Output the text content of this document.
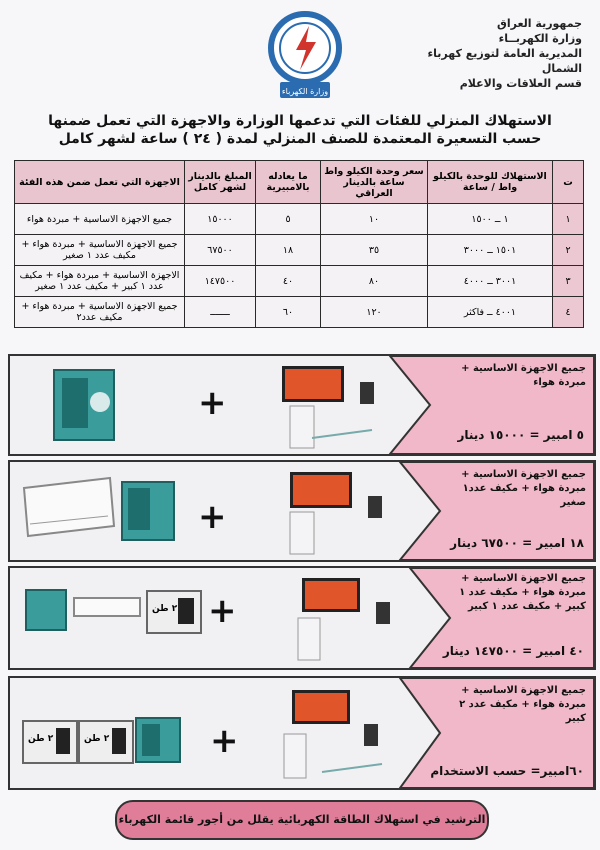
جمهورية العراق
وزارة الكهربــاء
المديرية العامة لتوزيع كهرباء الشمال
قسم العلاقات والاعلام
وزارة الكهرباء
الاستهلاك المنزلي للفئات التي تدعمها الوزارة والاجهزة التي تعمل ضمنها
حسب التسعيرة المعتمدة للصنف المنزلي لمدة ( ٢٤ ) ساعة لشهر كامل
ت	الاستهلاك للوحدة بالكيلو واط / ساعة	سعر وحدة الكيلو واط ساعة بالدينار العراقي	ما يعادله بالامبيرية	المبلغ بالدينار لشهر كامل	الاجهزة التي تعمل ضمن هذه الفئة
١	١ ــ ١٥٠٠	١٠	٥	١٥٠٠٠	جميع الاجهزة الاساسية + مبردة هواء
٢	١٥٠١ ــ ٣٠٠٠	٣٥	١٨	٦٧٥٠٠	جميع الاجهزة الاساسية + مبردة هواء + مكيف عدد ١ صغير
٣	٣٠٠١ ــ ٤٠٠٠	٨٠	٤٠	١٤٧٥٠٠	الاجهزة الاساسية + مبردة هواء + مكيف عدد ١ كبير + مكيف عدد ١ صغير
٤	٤٠٠١ ــ فاكثر	١٢٠	٦٠	ـــــــ	جميع الاجهزة الاساسية + مبردة هواء + مكيف عدد٢
جميع الاجهزة الاساسية + مبردة هواء
٥ امبير = ١٥٠٠٠ دينار
+
جميع الاجهزة الاساسية + مبردة هواء + مكيف عدد١ صغير
١٨ امبير = ٦٧٥٠٠ دينار
+
جميع الاجهزة الاساسية + مبردة هواء + مكيف عدد ١ كبير + مكيف عدد ١ كبير
٤٠ امبير = ١٤٧٥٠٠ دينار
٢ طن +
جميع الاجهزة الاساسية + مبردة هواء + مكيف عدد ٢ كبير
٦٠امبير= حسب الاستخدام
٢ طن	٢ طن	+
الترشيد في استهلاك الطاقة الكهربائية يقلل من أجور قائمة الكهرباء
